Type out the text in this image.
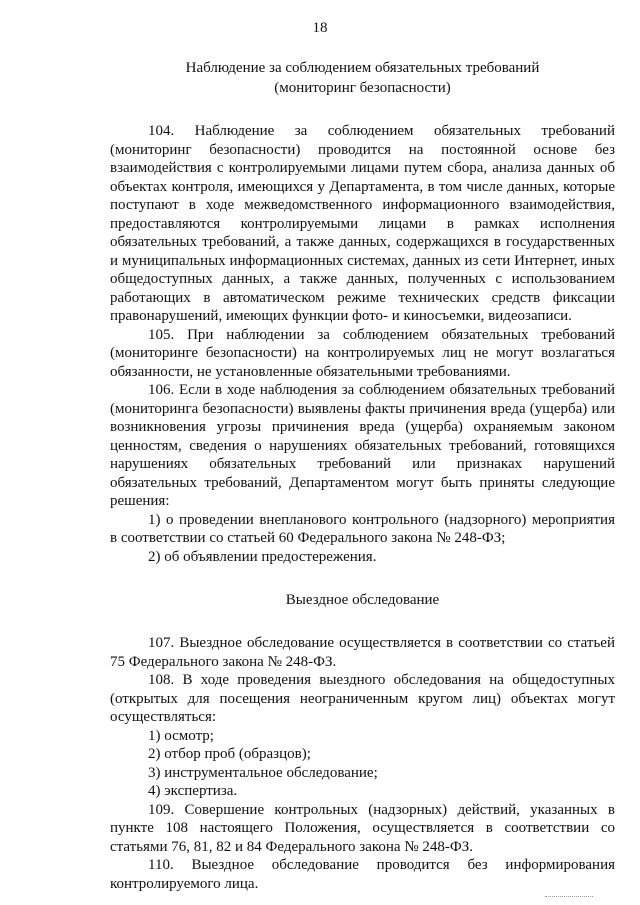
18
Наблюдение за соблюдением обязательных требований
(мониторинг безопасности)

104. Наблюдение за соблюдением обязательных требований (мониторинг безопасности) проводится на постоянной основе без взаимодействия с контролируемыми лицами путем сбора, анализа данных об объектах контроля, имеющихся у Департамента, в том числе данных, которые поступают в ходе межведомственного информационного взаимодействия, предоставляются контролируемыми лицами в рамках исполнения обязательных требований, а также данных, содержащихся в государственных и муниципальных информационных системах, данных из сети Интернет, иных общедоступных данных, а также данных, полученных с использованием работающих в автоматическом режиме технических средств фиксации правонарушений, имеющих функции фото- и киносъемки, видеозаписи.

105. При наблюдении за соблюдением обязательных требований (мониторинге безопасности) на контролируемых лиц не могут возлагаться обязанности, не установленные обязательными требованиями.

106. Если в ходе наблюдения за соблюдением обязательных требований (мониторинга безопасности) выявлены факты причинения вреда (ущерба) или возникновения угрозы причинения вреда (ущерба) охраняемым законом ценностям, сведения о нарушениях обязательных требований, готовящихся нарушениях обязательных требований или признаках нарушений обязательных требований, Департаментом могут быть приняты следующие решения:

1) о проведении внепланового контрольного (надзорного) мероприятия в соответствии со статьей 60 Федерального закона № 248-ФЗ;

2) об объявлении предостережения.

Выездное обследование

107. Выездное обследование осуществляется в соответствии со статьей 75 Федерального закона № 248-ФЗ.

108. В ходе проведения выездного обследования на общедоступных (открытых для посещения неограниченным кругом лиц) объектах могут осуществляться:

1) осмотр;

2) отбор проб (образцов);

3) инструментальное обследование;

4) экспертиза.

109. Совершение контрольных (надзорных) действий, указанных в пункте 108 настоящего Положения, осуществляется в соответствии со статьями 76, 81, 82 и 84 Федерального закона № 248-ФЗ.

110. Выездное обследование проводится без информирования контролируемого лица.
